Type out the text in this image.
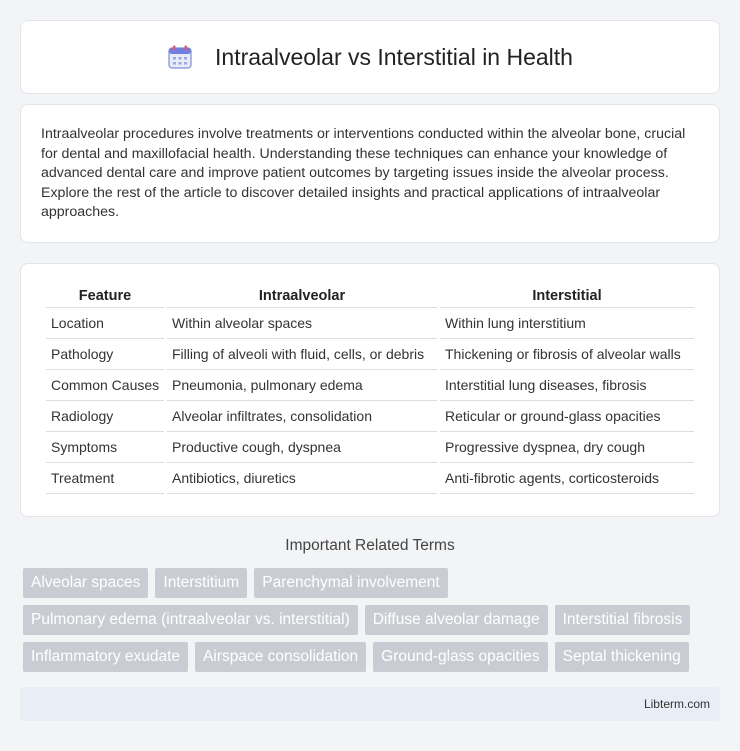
Intraalveolar vs Interstitial in Health

Intraalveolar procedures involve treatments or interventions conducted within the alveolar bone, crucial for dental and maxillofacial health. Understanding these techniques can enhance your knowledge of advanced dental care and improve patient outcomes by targeting issues inside the alveolar process. Explore the rest of the article to discover detailed insights and practical applications of intraalveolar approaches.

Feature	Intraalveolar	Interstitial
Location	Within alveolar spaces	Within lung interstitium
Pathology	Filling of alveoli with fluid, cells, or debris	Thickening or fibrosis of alveolar walls
Common Causes	Pneumonia, pulmonary edema	Interstitial lung diseases, fibrosis
Radiology	Alveolar infiltrates, consolidation	Reticular or ground-glass opacities
Symptoms	Productive cough, dyspnea	Progressive dyspnea, dry cough
Treatment	Antibiotics, diuretics	Anti-fibrotic agents, corticosteroids
Important Related Terms
Alveolar spaces	Interstitium	Parenchymal involvement
Pulmonary edema (intraalveolar vs. interstitial)	Diffuse alveolar damage	Interstitial fibrosis
Inflammatory exudate	Airspace consolidation	Ground-glass opacities	Septal thickening
Libterm.com
